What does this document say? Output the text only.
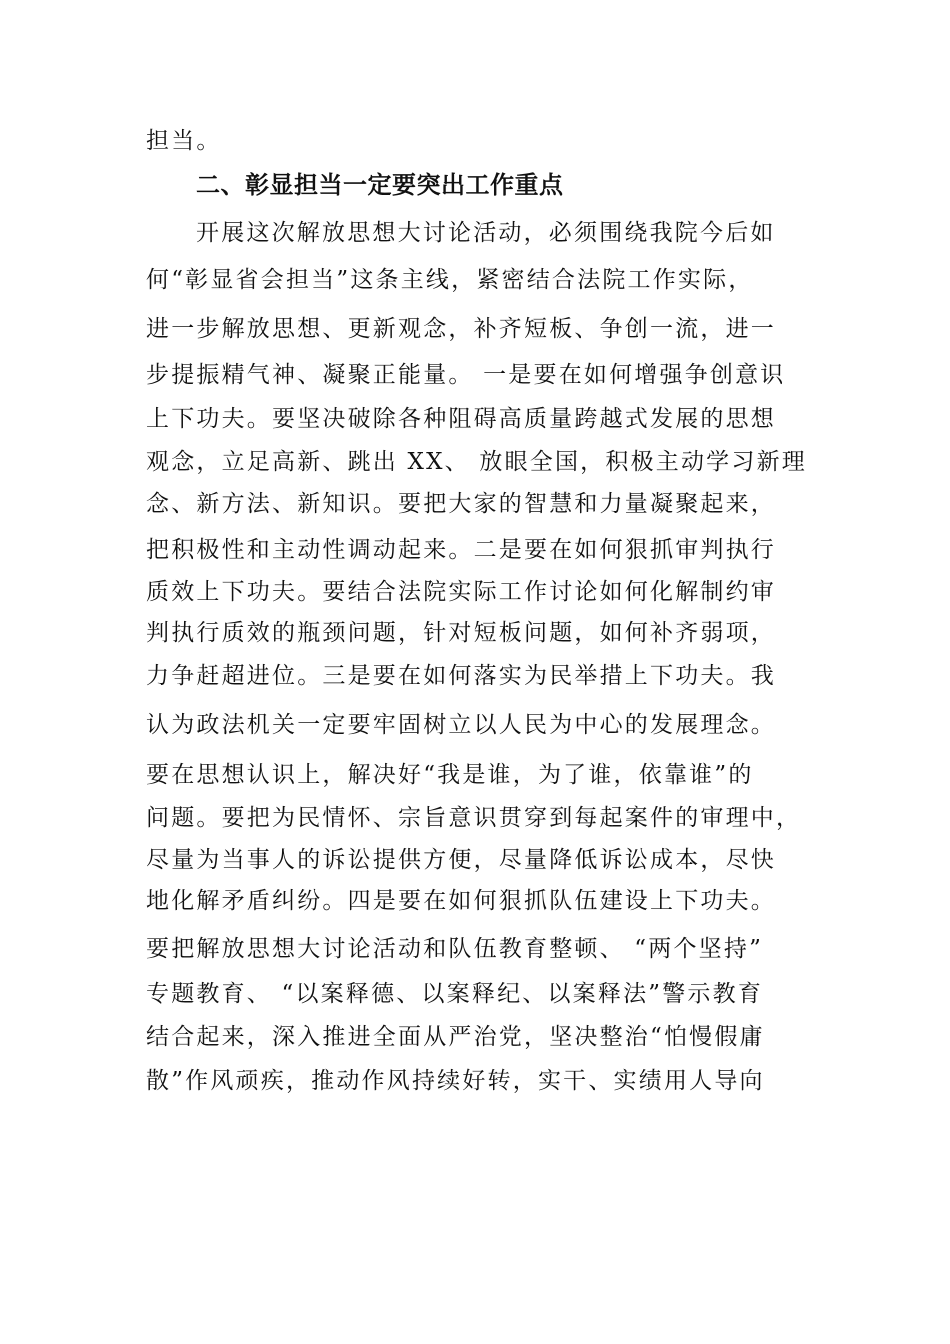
担当。
二、彰显担当一定要突出工作重点
开展这次解放思想大讨论活动，必须围绕我院今后如
何“彰显省会担当”这条主线，紧密结合法院工作实际，
进一步解放思想、更新观念，补齐短板、争创一流，进一
步提振精气神、凝聚正能量。 一是要在如何增强争创意识
上下功夫。要坚决破除各种阻碍高质量跨越式发展的思想
观念，立足高新、跳出 XX、 放眼全国，积极主动学习新理
念、新方法、新知识。要把大家的智慧和力量凝聚起来，
把积极性和主动性调动起来。二是要在如何狠抓审判执行
质效上下功夫。要结合法院实际工作讨论如何化解制约审
判执行质效的瓶颈问题，针对短板问题，如何补齐弱项，
力争赶超进位。三是要在如何落实为民举措上下功夫。我
认为政法机关一定要牢固树立以人民为中心的发展理念。
要在思想认识上，解决好“我是谁，为了谁，依靠谁”的
问题。要把为民情怀、宗旨意识贯穿到每起案件的审理中，
尽量为当事人的诉讼提供方便，尽量降低诉讼成本，尽快
地化解矛盾纠纷。四是要在如何狠抓队伍建设上下功夫。
要把解放思想大讨论活动和队伍教育整顿、 “两个坚持”
专题教育、 “以案释德、以案释纪、以案释法”警示教育
结合起来，深入推进全面从严治党，坚决整治“怕慢假庸
散”作风顽疾，推动作风持续好转，实干、实绩用人导向
